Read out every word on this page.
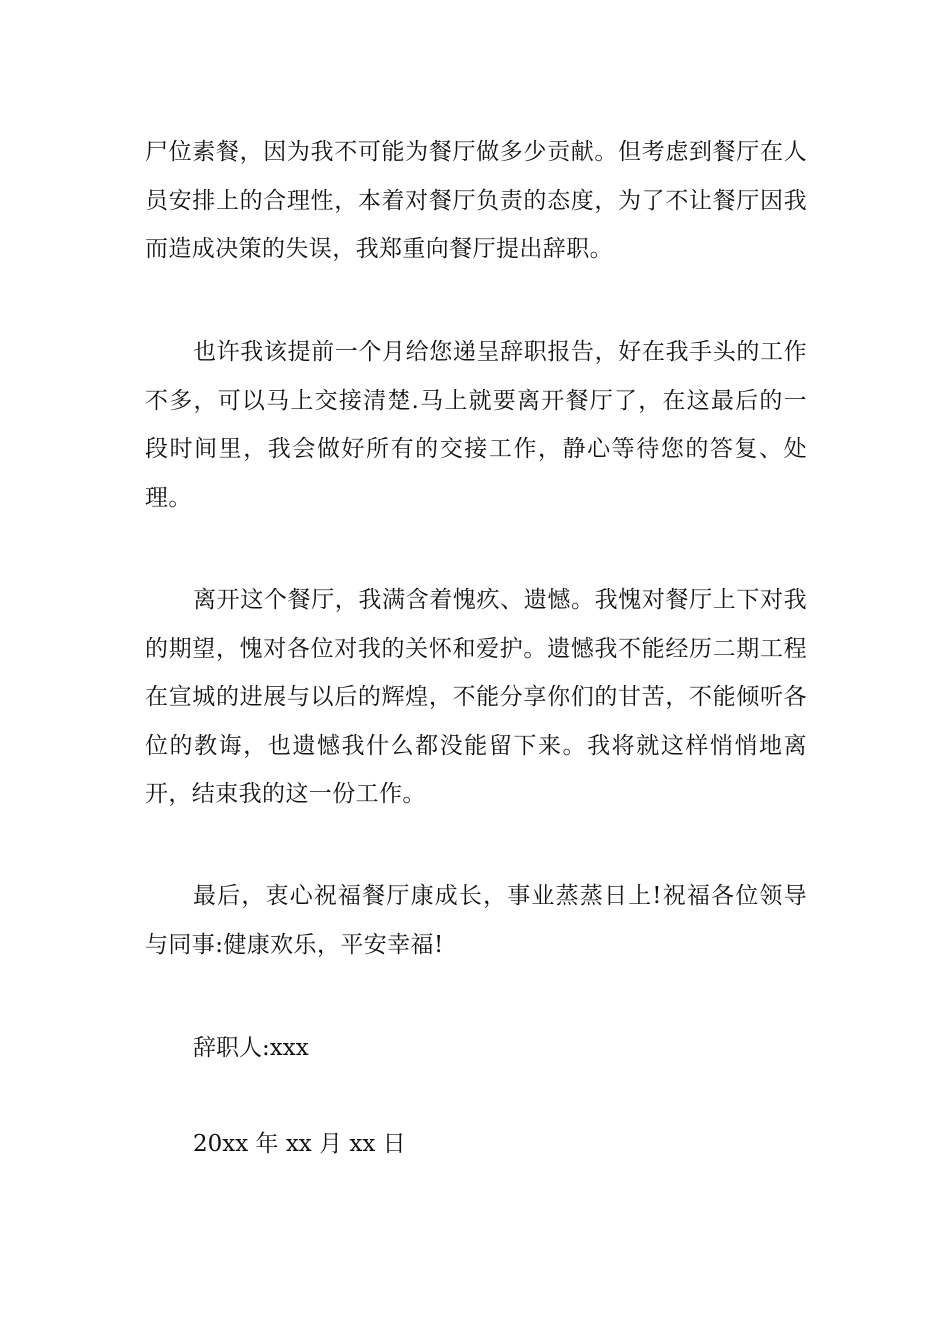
尸位素餐，因为我不可能为餐厅做多少贡献。但考虑到餐厅在人员安排上的合理性，本着对餐厅负责的态度，为了不让餐厅因我而造成决策的失误，我郑重向餐厅提出辞职。

也许我该提前一个月给您递呈辞职报告，好在我手头的工作不多，可以马上交接清楚.马上就要离开餐厅了，在这最后的一段时间里，我会做好所有的交接工作，静心等待您的答复、处理。

离开这个餐厅，我满含着愧疚、遗憾。我愧对餐厅上下对我的期望，愧对各位对我的关怀和爱护。遗憾我不能经历二期工程在宣城的进展与以后的辉煌，不能分享你们的甘苦，不能倾听各位的教诲，也遗憾我什么都没能留下来。我将就这样悄悄地离开，结束我的这一份工作。

最后，衷心祝福餐厅康成长，事业蒸蒸日上!祝福各位领导与同事:健康欢乐，平安幸福!

辞职人:xxx

20xx 年 xx 月 xx 日
